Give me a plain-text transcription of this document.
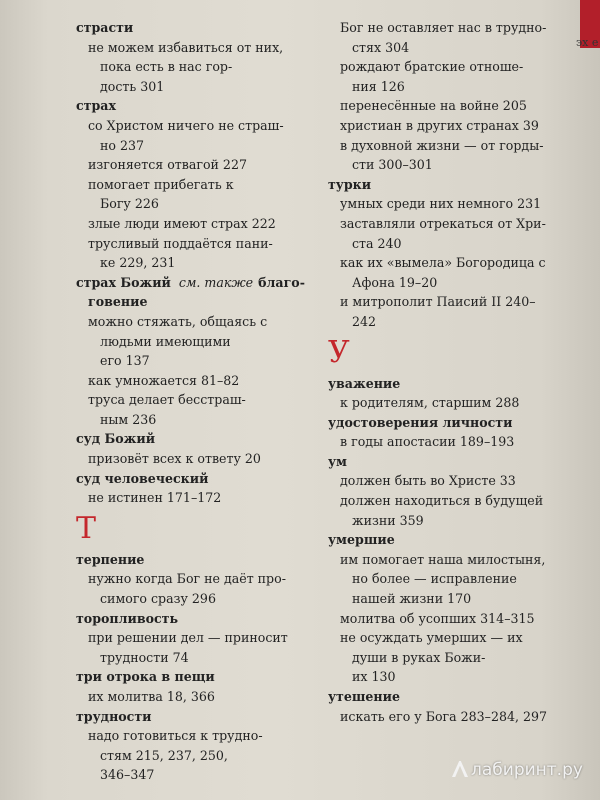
страсти
не можем избавиться от них,
пока есть в нас гор-
дость 301
страх
со Христом ничего не страш-
но 237
изгоняется отвагой 227
помогает прибегать к
Богу 226
злые люди имеют страх 222
трусливый поддаётся пани-
ке 229, 231
страх Божий см. также благо-
говение
можно стяжать, общаясь с
людьми имеющими
его 137
как умножается 81–82
труса делает бесстраш-
ным 236
суд Божий
призовёт всех к ответу 20
суд человеческий
не истинен 171–172
Т
терпение
нужно когда Бог не даёт про-
симого сразу 296
торопливость
при решении дел — приносит
трудности 74
три отрока в пещи
их молитва 18, 366
трудности
надо готовиться к трудно-
стям 215, 237, 250,
346–347
Бог не оставляет нас в трудно-
стях 304
рождают братские отноше-
ния 126
перенесённые на войне 205
христиан в других странах 39
в духовной жизни — от горды-
сти 300–301
турки
умных среди них немного 231
заставляли отрекаться от Хри-
ста 240
как их «вымела» Богородица с
Афона 19–20
и митрополит Паисий II 240–
242
У
уважение
к родителям, старшим 288
удостоверения личности
в годы апостасии 189–193
ум
должен быть во Христе 33
должен находиться в будущей
жизни 359
умершие
им помогает наша милостыня,
но более — исправление
нашей жизни 170
молитва об усопших 314–315
не осуждать умерших — их
души в руках Божи-
их 130
утешение
искать его у Бога 283–284, 297
эх е
лабиринт.ру
